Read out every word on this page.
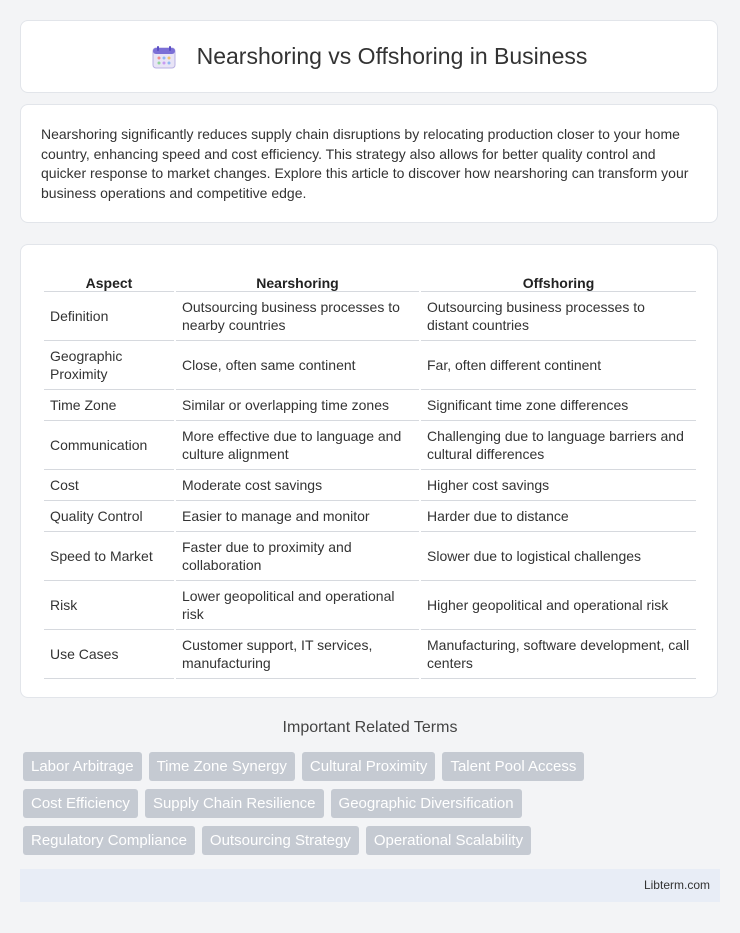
Nearshoring vs Offshoring in Business

Nearshoring significantly reduces supply chain disruptions by relocating production closer to your home country, enhancing speed and cost efficiency. This strategy also allows for better quality control and quicker response to market changes. Explore this article to discover how nearshoring can transform your business operations and competitive edge.

Aspect	Nearshoring	Offshoring
Definition	Outsourcing business processes to nearby countries	Outsourcing business processes to distant countries
Geographic Proximity	Close, often same continent	Far, often different continent
Time Zone	Similar or overlapping time zones	Significant time zone differences
Communication	More effective due to language and culture alignment	Challenging due to language barriers and cultural differences
Cost	Moderate cost savings	Higher cost savings
Quality Control	Easier to manage and monitor	Harder due to distance
Speed to Market	Faster due to proximity and collaboration	Slower due to logistical challenges
Risk	Lower geopolitical and operational risk	Higher geopolitical and operational risk
Use Cases	Customer support, IT services, manufacturing	Manufacturing, software development, call centers
Important Related Terms
Labor Arbitrage	Time Zone Synergy	Cultural Proximity	Talent Pool Access
Cost Efficiency	Supply Chain Resilience	Geographic Diversification
Regulatory Compliance	Outsourcing Strategy	Operational Scalability
Libterm.com
